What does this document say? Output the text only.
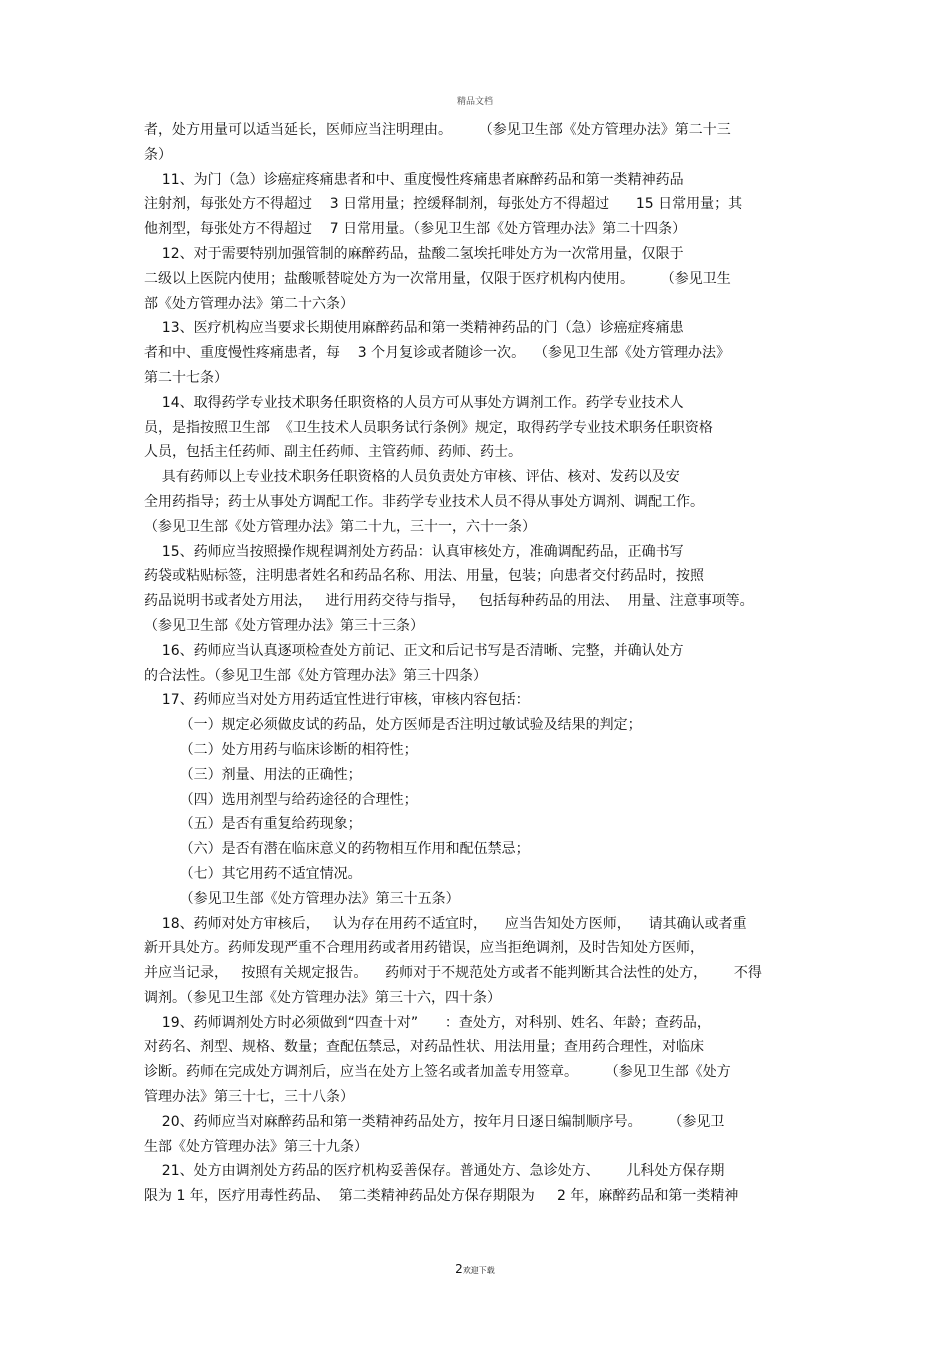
精品文档
者，处方用量可以适当延长，医师应当注明理由。      （参见卫生部《处方管理办法》第二十三
条）
11、为门（急）诊癌症疼痛患者和中、重度慢性疼痛患者麻醉药品和第一类精神药品
注射剂，每张处方不得超过    3 日常用量；控缓释制剂，每张处方不得超过      15 日常用量；其
他剂型，每张处方不得超过    7 日常用量。（参见卫生部《处方管理办法》第二十四条）
12、对于需要特别加强管制的麻醉药品，盐酸二氢埃托啡处方为一次常用量，仅限于
二级以上医院内使用；盐酸哌替啶处方为一次常用量，仅限于医疗机构内使用。      （参见卫生
部《处方管理办法》第二十六条）
13、医疗机构应当要求长期使用麻醉药品和第一类精神药品的门（急）诊癌症疼痛患
者和中、重度慢性疼痛患者，每    3 个月复诊或者随诊一次。  （参见卫生部《处方管理办法》
第二十七条）
14、取得药学专业技术职务任职资格的人员方可从事处方调剂工作。药学专业技术人
员，是指按照卫生部  《卫生技术人员职务试行条例》规定，取得药学专业技术职务任职资格
人员，包括主任药师、副主任药师、主管药师、药师、药士。
具有药师以上专业技术职务任职资格的人员负责处方审核、评估、核对、发药以及安
全用药指导；药士从事处方调配工作。非药学专业技术人员不得从事处方调剂、调配工作。
（参见卫生部《处方管理办法》第二十九，三十一，六十一条）
15、药师应当按照操作规程调剂处方药品：认真审核处方，准确调配药品，正确书写
药袋或粘贴标签，注明患者姓名和药品名称、用法、用量，包装；向患者交付药品时，按照
药品说明书或者处方用法，   进行用药交待与指导，   包括每种药品的用法、  用量、注意事项等。
（参见卫生部《处方管理办法》第三十三条）
16、药师应当认真逐项检查处方前记、正文和后记书写是否清晰、完整，并确认处方
的合法性。（参见卫生部《处方管理办法》第三十四条）
17、药师应当对处方用药适宜性进行审核，审核内容包括：
（一）规定必须做皮试的药品，处方医师是否注明过敏试验及结果的判定；
（二）处方用药与临床诊断的相符性；
（三）剂量、用法的正确性；
（四）选用剂型与给药途径的合理性；
（五）是否有重复给药现象；
（六）是否有潜在临床意义的药物相互作用和配伍禁忌；
（七）其它用药不适宜情况。
（参见卫生部《处方管理办法》第三十五条）
18、药师对处方审核后，   认为存在用药不适宜时，    应当告知处方医师，    请其确认或者重
新开具处方。药师发现严重不合理用药或者用药错误，应当拒绝调剂，及时告知处方医师，
并应当记录，   按照有关规定报告。    药师对于不规范处方或者不能判断其合法性的处方，      不得
调剂。（参见卫生部《处方管理办法》第三十六，四十条）
19、药师调剂处方时必须做到“四查十对”      ：查处方，对科别、姓名、年龄；查药品，
对药名、剂型、规格、数量；查配伍禁忌，对药品性状、用法用量；查用药合理性，对临床
诊断。药师在完成处方调剂后，应当在处方上签名或者加盖专用签章。      （参见卫生部《处方
管理办法》第三十七，三十八条）
20、药师应当对麻醉药品和第一类精神药品处方，按年月日逐日编制顺序号。      （参见卫
生部《处方管理办法》第三十九条）
21、处方由调剂处方药品的医疗机构妥善保存。普通处方、急诊处方、      儿科处方保存期
限为 1 年，医疗用毒性药品、  第二类精神药品处方保存期限为     2 年，麻醉药品和第一类精神
2欢迎下载
